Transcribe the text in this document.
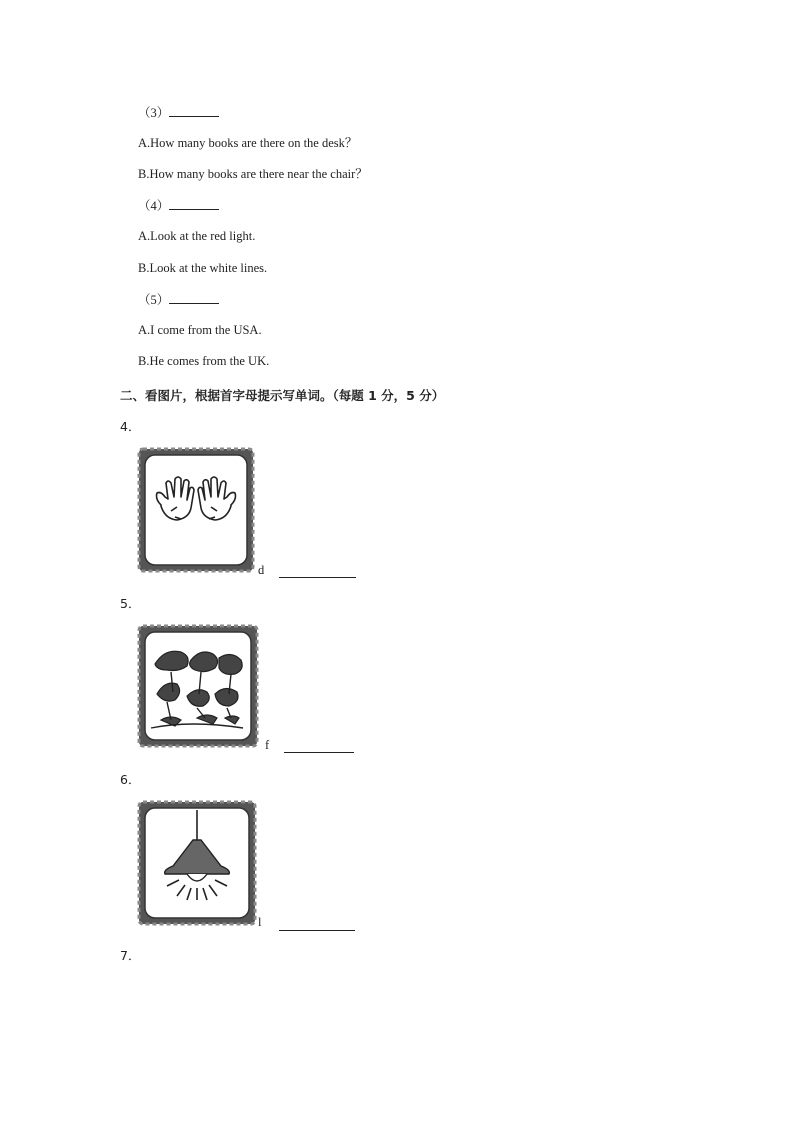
（3）
A.How many books are there on the desk？
B.How many books are there near the chair？
（4）
A.Look at the red light.
B.Look at the white lines.
（5）
A.I come from the USA.
B.He comes from the UK.
二、看图片，根据首字母提示写单词。（每题 1 分，5 分）
4．
d
5．
f
6．
l
7．
